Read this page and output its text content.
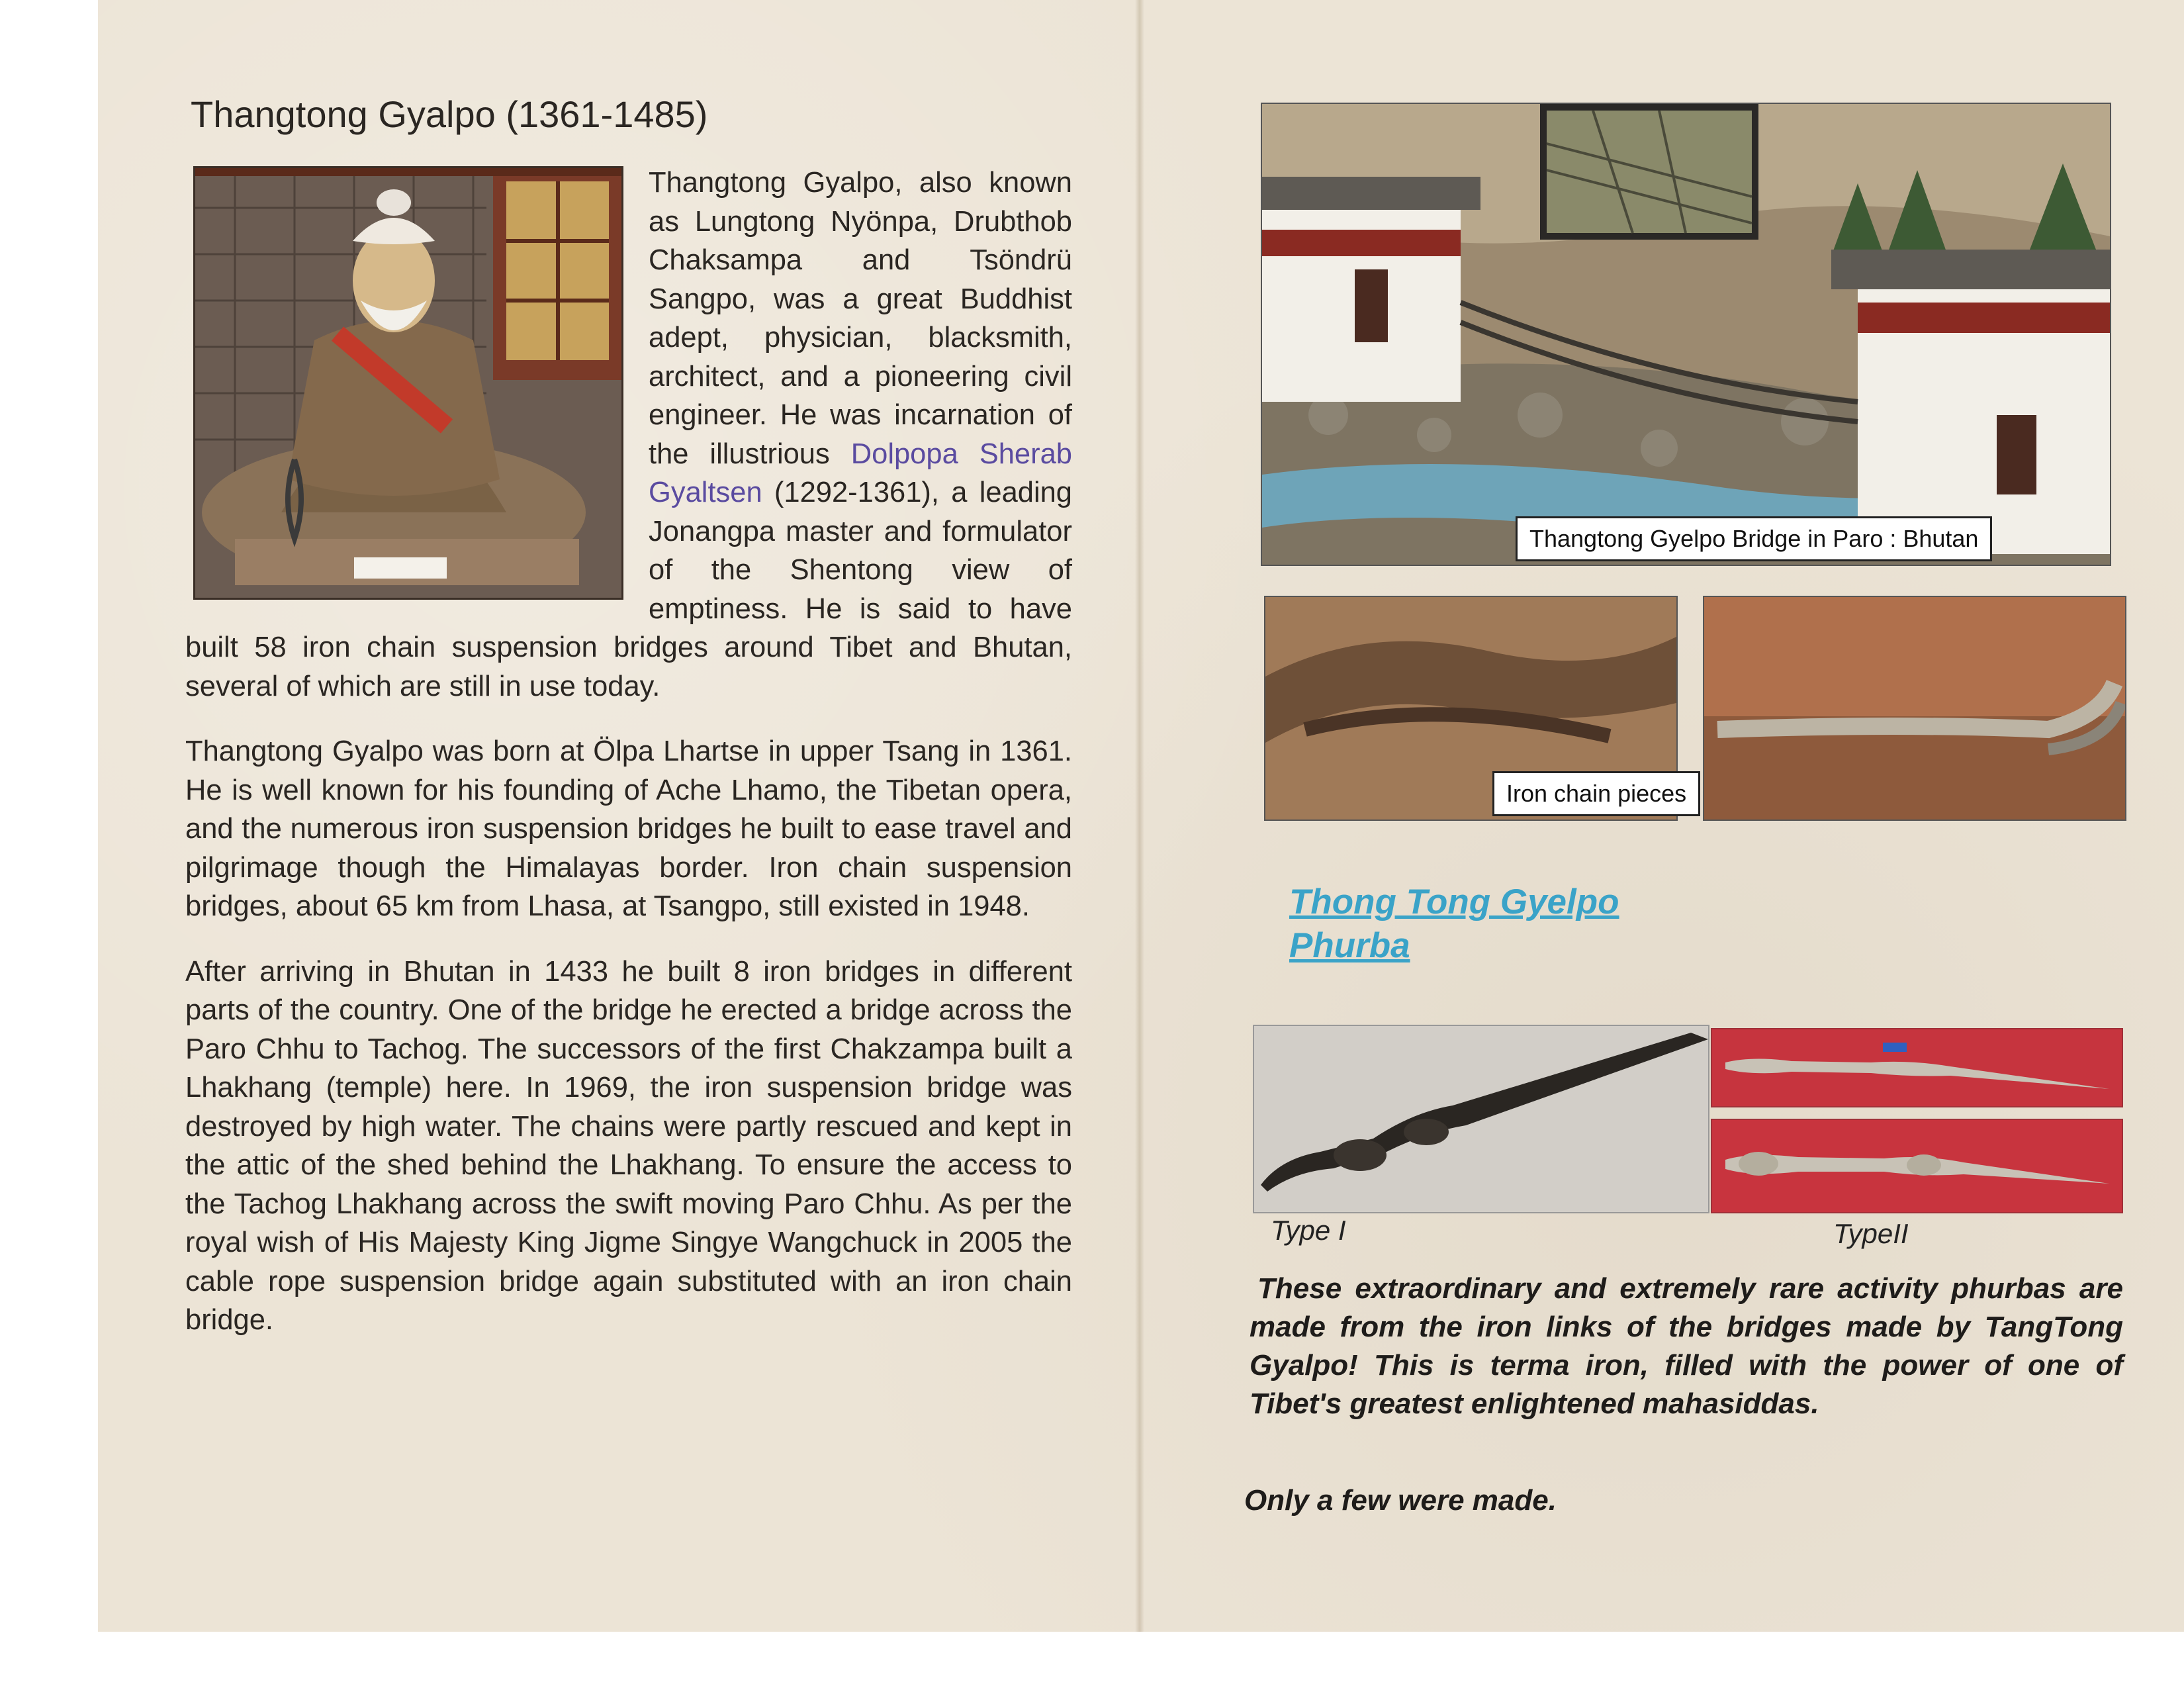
Thangtong Gyalpo (1361-1485)

Thangtong Gyalpo, also known as Lungtong Nyönpa, Drubthob Chaksampa and Tsöndrü Sangpo, was a great Buddhist adept, physician, blacksmith, architect, and a pioneering civil engineer. He was incarnation of the illustrious Dolpopa Sherab Gyaltsen (1292-1361), a leading Jonangpa master and formulator of the Shentong view of emptiness. He is said to have built 58 iron chain suspension bridges around Tibet and Bhutan, several of which are still in use today.

Thangtong Gyalpo was born at Ölpa Lhartse in upper Tsang in 1361. He is well known for his founding of Ache Lhamo, the Tibetan opera, and the numerous iron suspension bridges he built to ease travel and pilgrimage though the Himalayas border. Iron chain suspension bridges, about 65 km from Lhasa, at Tsangpo, still existed in 1948.

After arriving in Bhutan in 1433 he built 8 iron bridges in different parts of the country. One of the bridge he erected a bridge across the Paro Chhu to Tachog. The successors of the first Chakzampa built a Lhakhang (temple) here. In 1969, the iron suspension bridge was destroyed by high water. The chains were partly rescued and kept in the attic of the shed behind the Lhakhang. To ensure the access to the Tachog Lhakhang across the swift moving Paro Chhu. As per the royal wish of His Majesty King Jigme Singye Wangchuck in 2005 the cable rope suspension bridge again substituted with an iron chain bridge.

Thangtong Gyelpo Bridge in Paro : Bhutan
Iron chain pieces
Thong Tong Gyelpo
Phurba
Type I	TypeII
These extraordinary and extremely rare activity phurbas are made from the iron links of the bridges made by TangTong Gyalpo! This is terma iron, filled with the power of one of Tibet's greatest enlightened mahasiddas.
Only a few were made.
